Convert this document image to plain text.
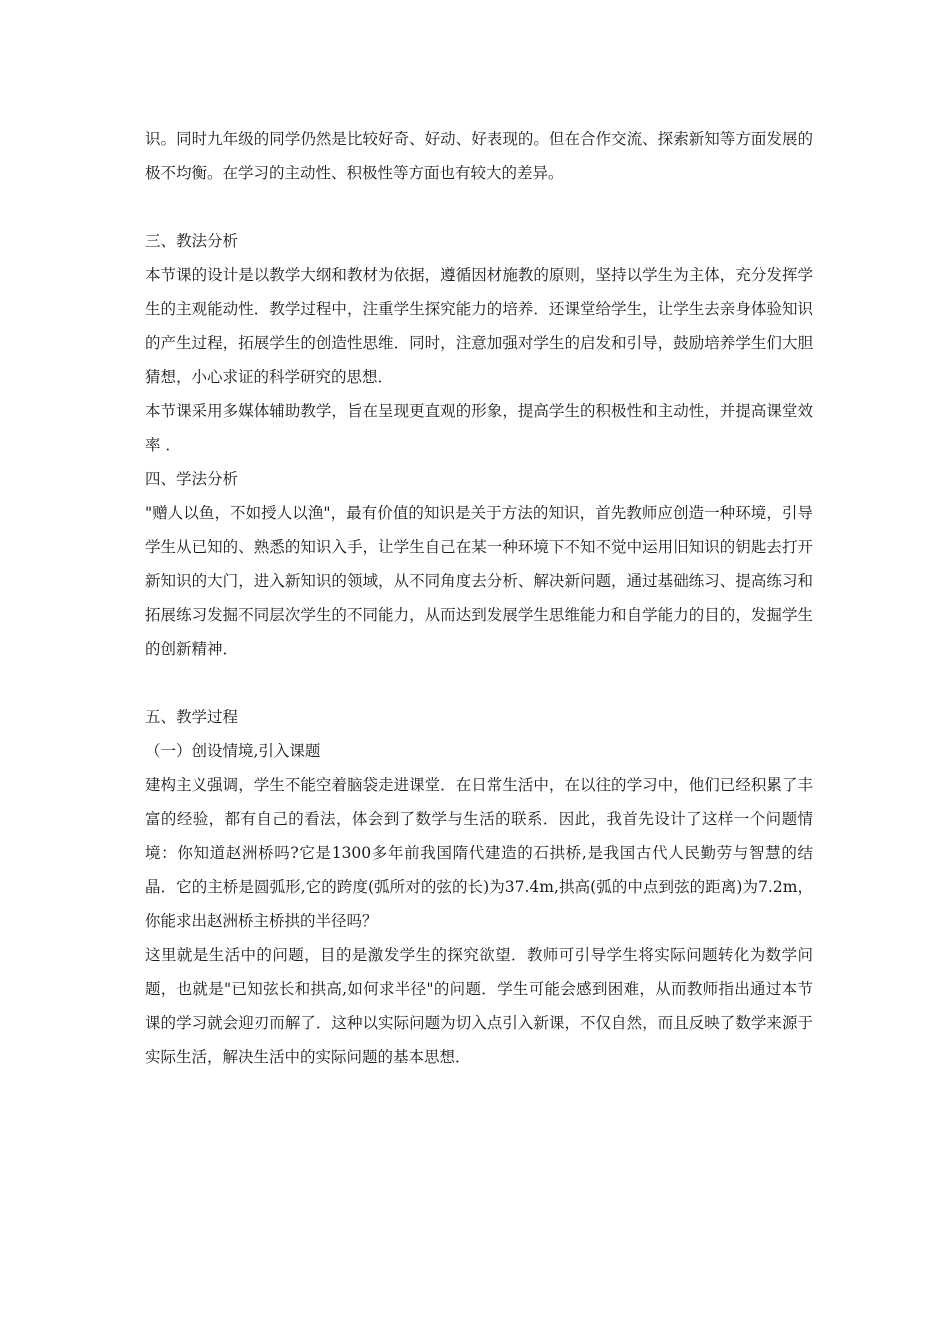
识。同时九年级的同学仍然是比较好奇、好动、好表现的。但在合作交流、探索新知等方面发展的极不均衡。在学习的主动性、积极性等方面也有较大的差异。

三、教法分析

本节课的设计是以教学大纲和教材为依据，遵循因材施教的原则，坚持以学生为主体，充分发挥学生的主观能动性．教学过程中，注重学生探究能力的培养．还课堂给学生，让学生去亲身体验知识的产生过程，拓展学生的创造性思维．同时，注意加强对学生的启发和引导，鼓励培养学生们大胆猜想，小心求证的科学研究的思想．

本节课采用多媒体辅助教学，旨在呈现更直观的形象，提高学生的积极性和主动性，并提高课堂效率 ．

四、学法分析

"赠人以鱼，不如授人以渔"，最有价值的知识是关于方法的知识，首先教师应创造一种环境，引导学生从已知的、熟悉的知识入手，让学生自己在某一种环境下不知不觉中运用旧知识的钥匙去打开新知识的大门，进入新知识的领域，从不同角度去分析、解决新问题，通过基础练习、提高练习和拓展练习发掘不同层次学生的不同能力，从而达到发展学生思维能力和自学能力的目的，发掘学生的创新精神．

五、教学过程

（一）创设情境,引入课题

建构主义强调，学生不能空着脑袋走进课堂．在日常生活中，在以往的学习中，他们已经积累了丰富的经验，都有自己的看法，体会到了数学与生活的联系．因此，我首先设计了这样一个问题情境：你知道赵洲桥吗?它是1300多年前我国隋代建造的石拱桥,是我国古代人民勤劳与智慧的结晶．它的主桥是圆弧形,它的跨度(弧所对的弦的长)为37.4m,拱高(弧的中点到弦的距离)为7.2m，你能求出赵洲桥主桥拱的半径吗？

这里就是生活中的问题，目的是激发学生的探究欲望．教师可引导学生将实际问题转化为数学问题，也就是"已知弦长和拱高,如何求半径"的问题．学生可能会感到困难，从而教师指出通过本节课的学习就会迎刃而解了．这种以实际问题为切入点引入新课，不仅自然，而且反映了数学来源于实际生活，解决生活中的实际问题的基本思想．
